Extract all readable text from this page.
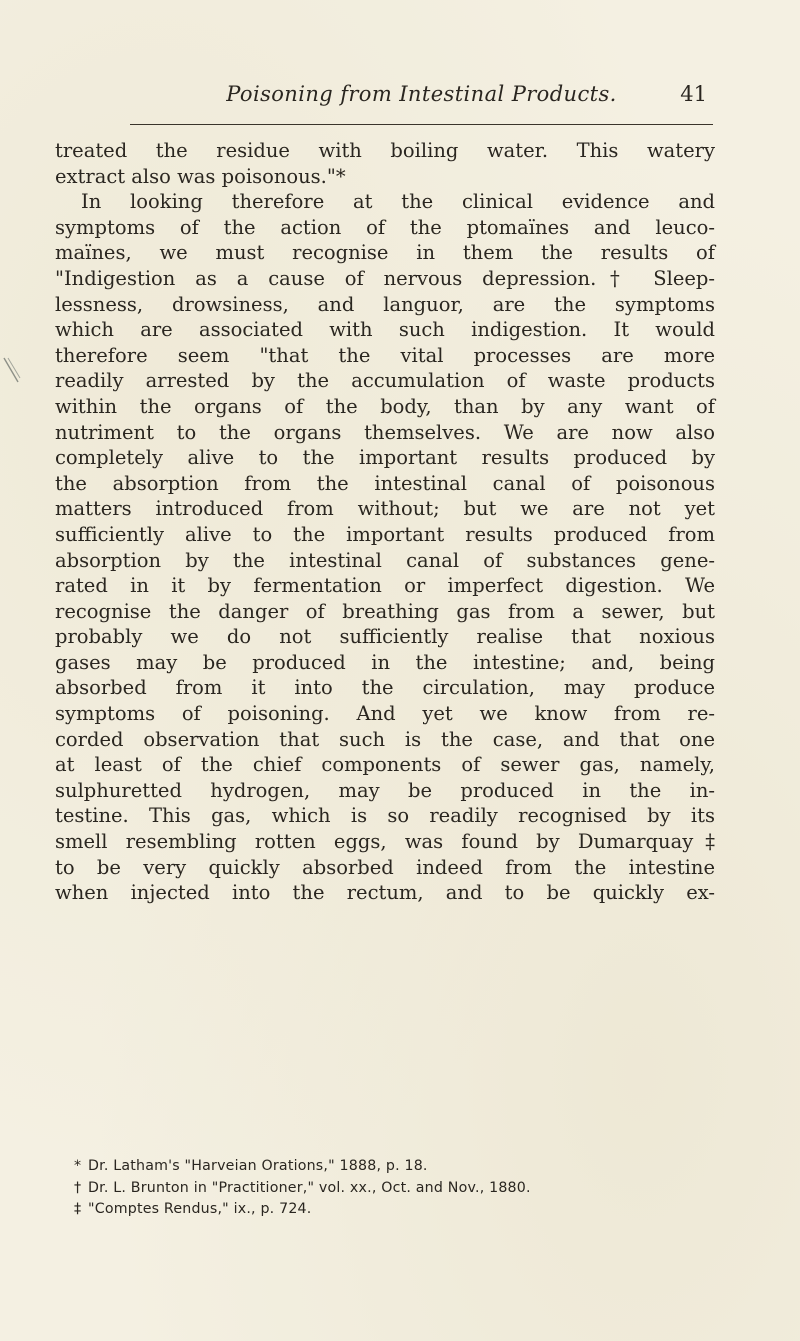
Poisoning from Intestinal Products.	41
treated the residue with boiling water. This watery
extract also was poisonous."*
In looking therefore at the clinical evidence and
symptoms of the action of the ptomaïnes and leuco-
maïnes, we must recognise in them the results of
"Indigestion as a cause of nervous depression.† Sleep-
lessness, drowsiness, and languor, are the symptoms
which are associated with such indigestion. It would
therefore seem "that the vital processes are more
readily arrested by the accumulation of waste products
within the organs of the body, than by any want of
nutriment to the organs themselves. We are now also
completely alive to the important results produced by
the absorption from the intestinal canal of poisonous
matters introduced from without; but we are not yet
sufficiently alive to the important results produced from
absorption by the intestinal canal of substances gene-
rated in it by fermentation or imperfect digestion. We
recognise the danger of breathing gas from a sewer, but
probably we do not sufficiently realise that noxious
gases may be produced in the intestine; and, being
absorbed from it into the circulation, may produce
symptoms of poisoning. And yet we know from re-
corded observation that such is the case, and that one
at least of the chief components of sewer gas, namely,
sulphuretted hydrogen, may be produced in the in-
testine. This gas, which is so readily recognised by its
smell resembling rotten eggs, was found by Dumarquay‡
to be very quickly absorbed indeed from the intestine
when injected into the rectum, and to be quickly ex-
* Dr. Latham's "Harveian Orations," 1888, p. 18.
† Dr. L. Brunton in "Practitioner," vol. xx., Oct. and Nov., 1880.
‡ "Comptes Rendus," ix., p. 724.
